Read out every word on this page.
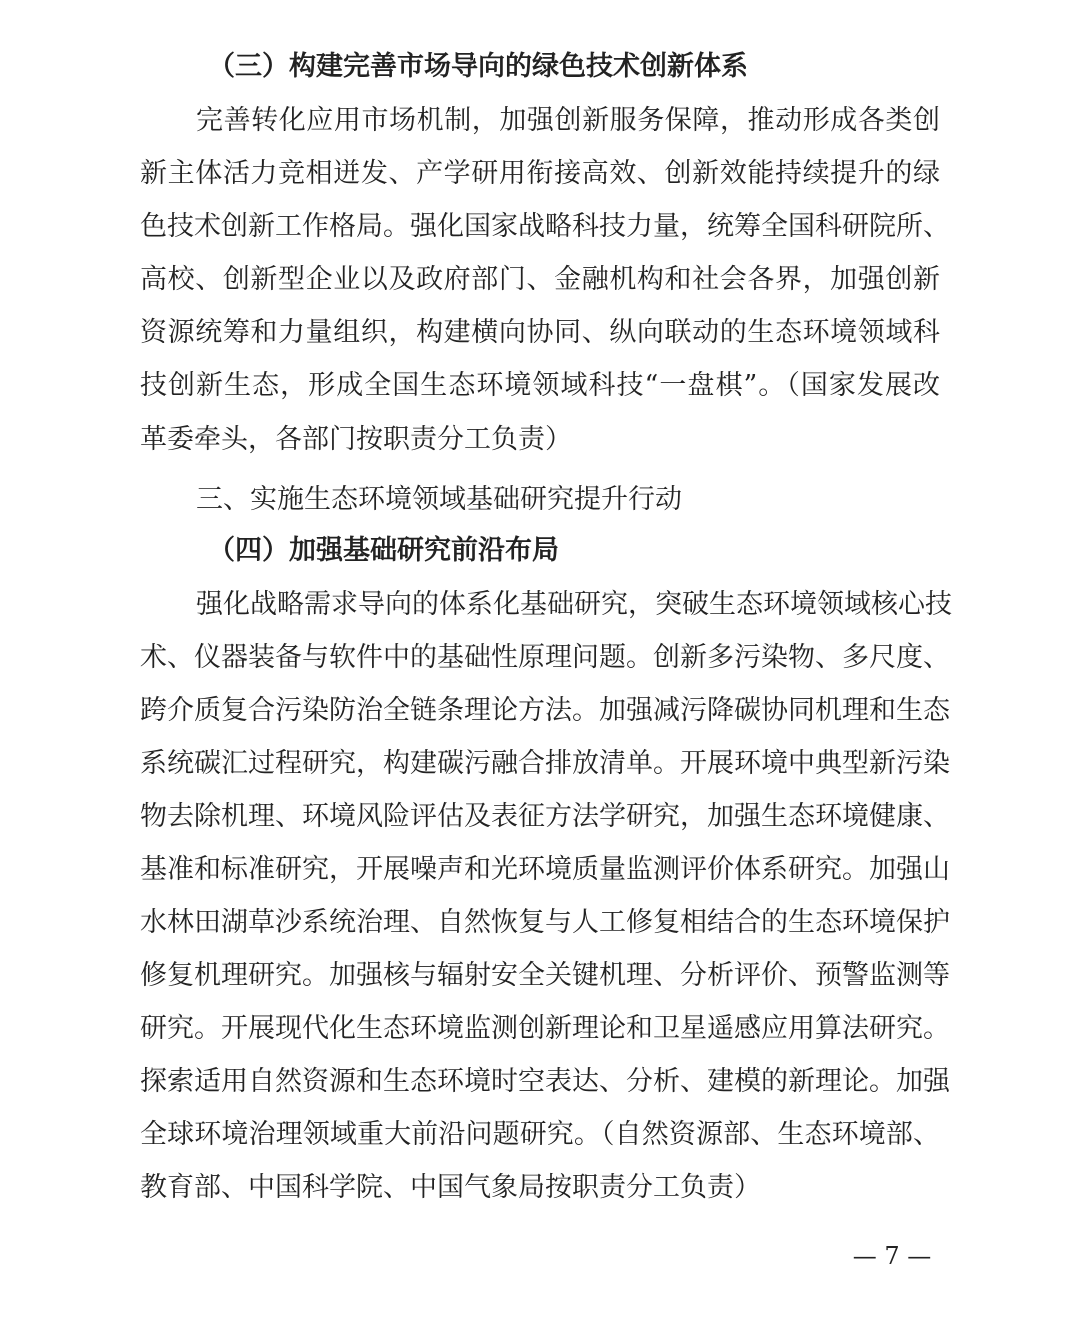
（三）构建完善市场导向的绿色技术创新体系
完善转化应用市场机制，加强创新服务保障，推动形成各类创
新主体活力竞相迸发、产学研用衔接高效、创新效能持续提升的绿
色技术创新工作格局。强化国家战略科技力量，统筹全国科研院所、
高校、创新型企业以及政府部门、金融机构和社会各界，加强创新
资源统筹和力量组织，构建横向协同、纵向联动的生态环境领域科
技创新生态，形成全国生态环境领域科技“一盘棋”。（国家发展改
革委牵头，各部门按职责分工负责）
三、实施生态环境领域基础研究提升行动
（四）加强基础研究前沿布局
强化战略需求导向的体系化基础研究，突破生态环境领域核心技
术、仪器装备与软件中的基础性原理问题。创新多污染物、多尺度、
跨介质复合污染防治全链条理论方法。加强减污降碳协同机理和生态
系统碳汇过程研究，构建碳污融合排放清单。开展环境中典型新污染
物去除机理、环境风险评估及表征方法学研究，加强生态环境健康、
基准和标准研究，开展噪声和光环境质量监测评价体系研究。加强山
水林田湖草沙系统治理、自然恢复与人工修复相结合的生态环境保护
修复机理研究。加强核与辐射安全关键机理、分析评价、预警监测等
研究。开展现代化生态环境监测创新理论和卫星遥感应用算法研究。
探索适用自然资源和生态环境时空表达、分析、建模的新理论。加强
全球环境治理领域重大前沿问题研究。（自然资源部、生态环境部、
教育部、中国科学院、中国气象局按职责分工负责）
— 7 —
